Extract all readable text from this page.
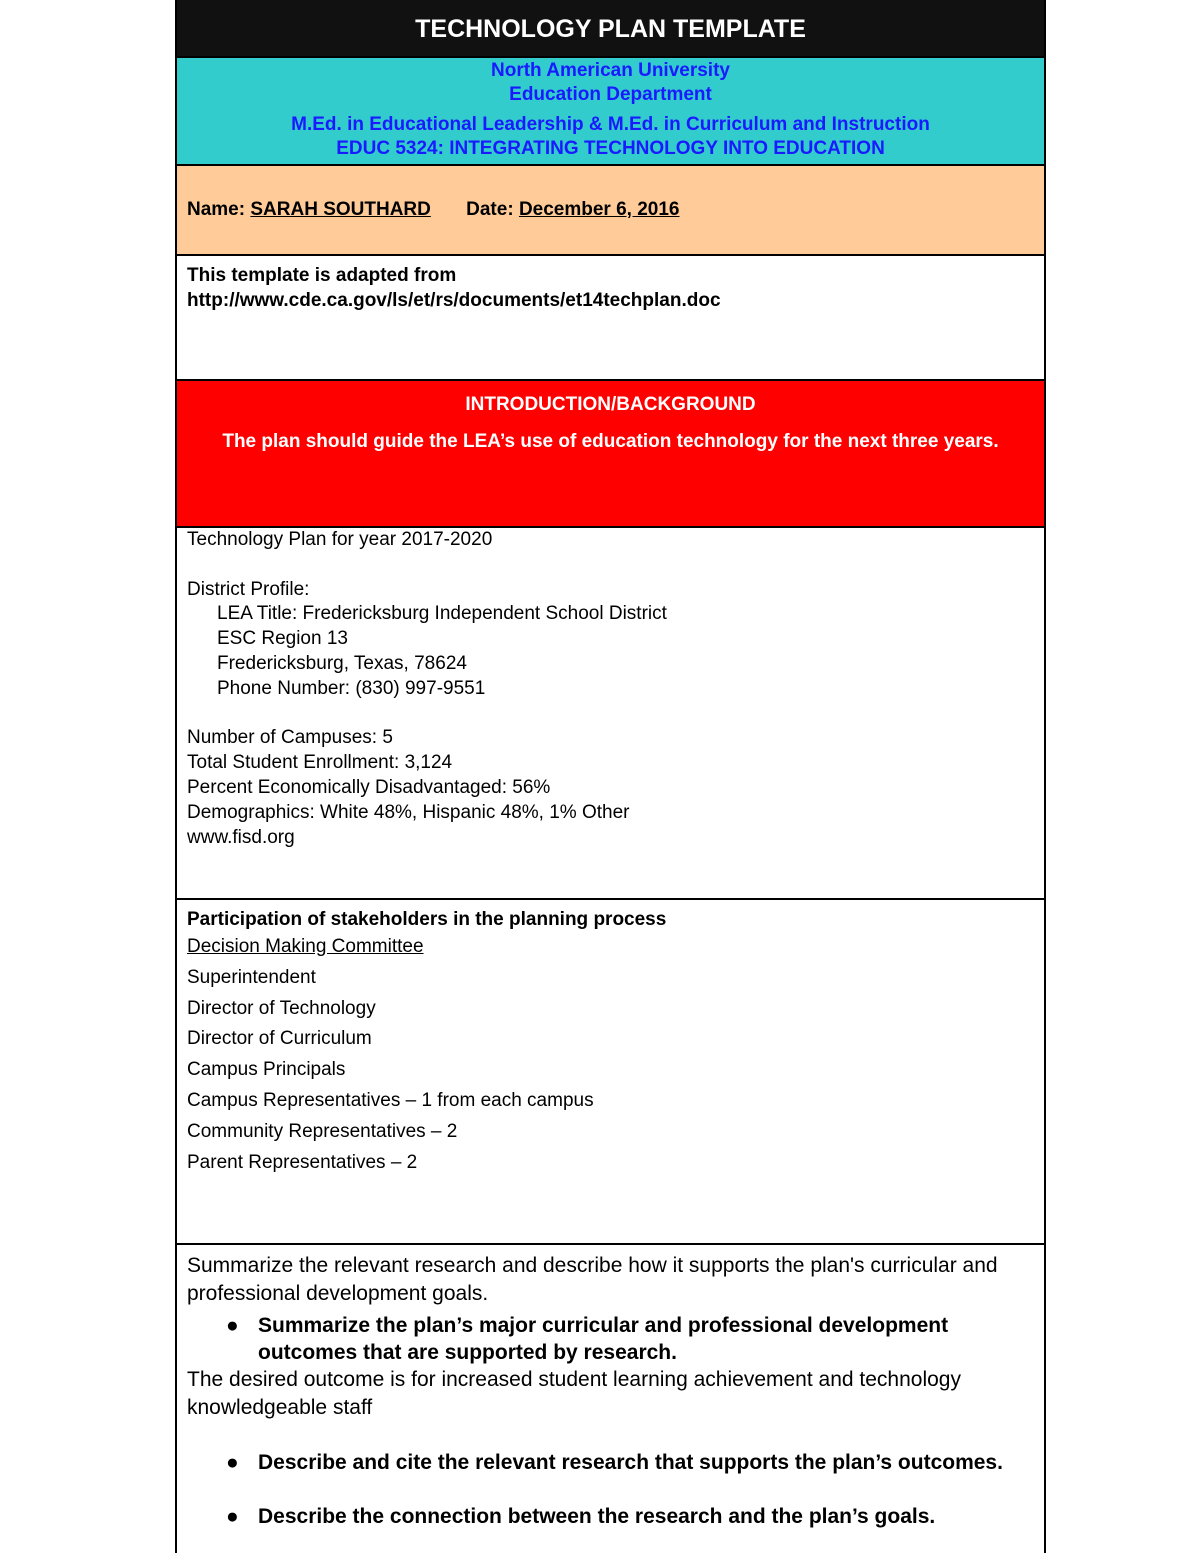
TECHNOLOGY PLAN TEMPLATE
North American University
Education Department
M.Ed. in Educational Leadership & M.Ed. in Curriculum and Instruction
EDUC 5324: INTEGRATING TECHNOLOGY INTO EDUCATION
Name: SARAH SOUTHARD Date: December 6, 2016
This template is adapted from
http://www.cde.ca.gov/ls/et/rs/documents/et14techplan.doc
INTRODUCTION/BACKGROUND
The plan should guide the LEA’s use of education technology for the next three years.
Technology Plan for year 2017-2020
District Profile:
LEA Title: Fredericksburg Independent School District
ESC Region 13
Fredericksburg, Texas, 78624
Phone Number: (830) 997-9551
Number of Campuses: 5
Total Student Enrollment: 3,124
Percent Economically Disadvantaged: 56%
Demographics: White 48%, Hispanic 48%, 1% Other
www.fisd.org
Participation of stakeholders in the planning process
Decision Making Committee
Superintendent
Director of Technology
Director of Curriculum
Campus Principals
Campus Representatives – 1 from each campus
Community Representatives – 2
Parent Representatives – 2
Summarize the relevant research and describe how it supports the plan's curricular and professional development goals.
● Summarize the plan’s major curricular and professional development outcomes that are supported by research.
The desired outcome is for increased student learning achievement and technology knowledgeable staff
● Describe and cite the relevant research that supports the plan’s outcomes.
● Describe the connection between the research and the plan’s goals.
